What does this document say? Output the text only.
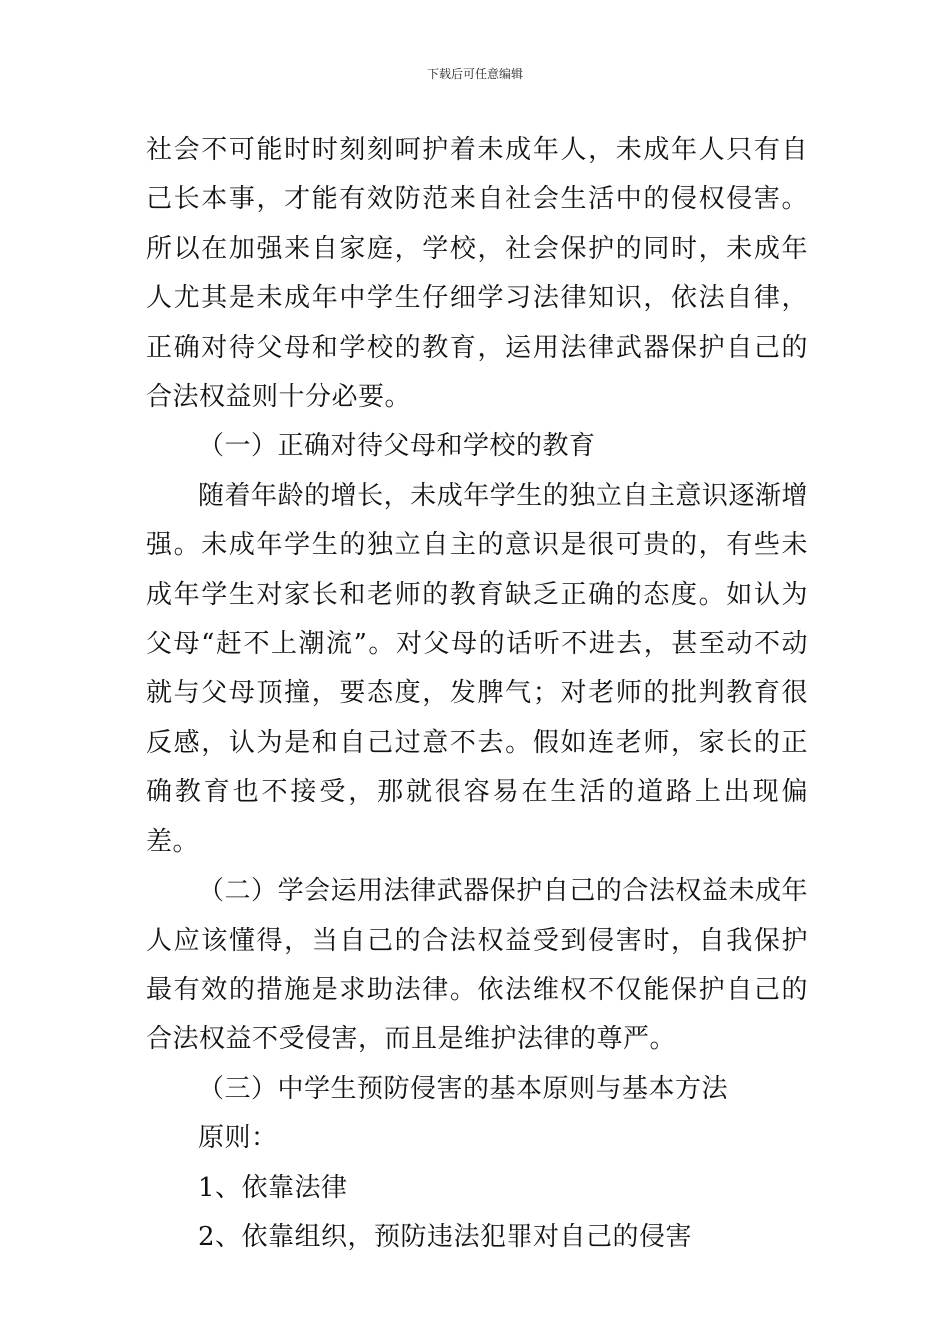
下载后可任意编辑

社会不可能时时刻刻呵护着未成年人，未成年人只有自己长本事，才能有效防范来自社会生活中的侵权侵害。所以在加强来自家庭，学校，社会保护的同时，未成年人尤其是未成年中学生仔细学习法律知识，依法自律，正确对待父母和学校的教育，运用法律武器保护自己的合法权益则十分必要。

（一）正确对待父母和学校的教育

随着年龄的增长，未成年学生的独立自主意识逐渐增强。未成年学生的独立自主的意识是很可贵的，有些未成年学生对家长和老师的教育缺乏正确的态度。如认为父母“赶不上潮流”。对父母的话听不进去，甚至动不动就与父母顶撞，要态度，发脾气；对老师的批判教育很反感，认为是和自己过意不去。假如连老师，家长的正确教育也不接受，那就很容易在生活的道路上出现偏差。

（二）学会运用法律武器保护自己的合法权益未成年人应该懂得，当自己的合法权益受到侵害时，自我保护最有效的措施是求助法律。依法维权不仅能保护自己的合法权益不受侵害，而且是维护法律的尊严。

（三）中学生预防侵害的基本原则与基本方法

原则：

1、依靠法律

2、依靠组织，预防违法犯罪对自己的侵害
